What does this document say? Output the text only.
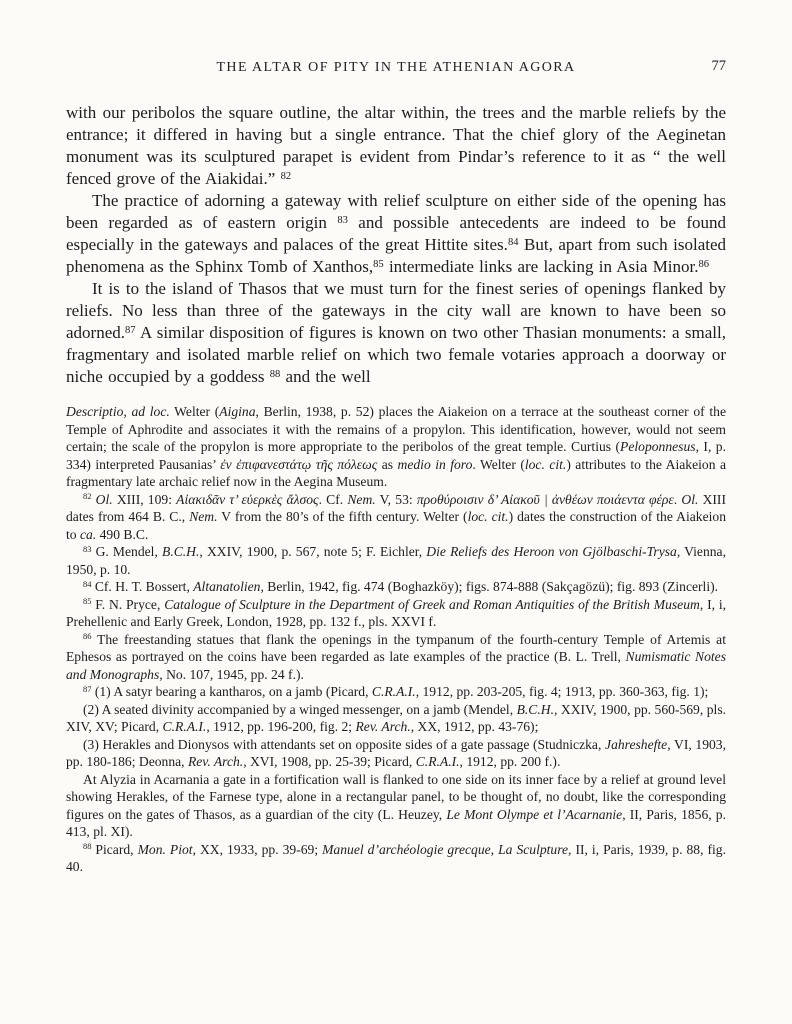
THE ALTAR OF PITY IN THE ATHENIAN AGORA	77

with our peribolos the square outline, the altar within, the trees and the marble reliefs by the entrance; it differed in having but a single entrance. That the chief glory of the Aeginetan monument was its sculptured parapet is evident from Pindar’s reference to it as “ the well fenced grove of the Aiakidai.” $^{82}$

The practice of adorning a gateway with relief sculpture on either side of the opening has been regarded as of eastern origin $^{83}$ and possible antecedents are indeed to be found especially in the gateways and palaces of the great Hittite sites.$^{84}$ But, apart from such isolated phenomena as the Sphinx Tomb of Xanthos,$^{85}$ intermediate links are lacking in Asia Minor.$^{86}$

It is to the island of Thasos that we must turn for the finest series of openings flanked by reliefs. No less than three of the gateways in the city wall are known to have been so adorned.$^{87}$ A similar disposition of figures is known on two other Thasian monuments: a small, fragmentary and isolated marble relief on which two female votaries approach a doorway or niche occupied by a goddess $^{88}$ and the well

Descriptio, ad loc. Welter (Aigina, Berlin, 1938, p. 52) places the Aiakeion on a terrace at the southeast corner of the Temple of Aphrodite and associates it with the remains of a propylon. This identification, however, would not seem certain; the scale of the propylon is more appropriate to the peribolos of the great temple. Curtius (Peloponnesus, I, p. 334) interpreted Pausanias’ ἐν ἐπιφανεστάτῳ τῆς πόλεως as medio in foro. Welter (loc. cit.) attributes to the Aiakeion a fragmentary late archaic relief now in the Aegina Museum.

$^{82}$ Ol. XIII, 109: Αἰακιδᾶν τ’ εὐερκὲς ἄλσος. Cf. Nem. V, 53: προθύροισιν δ’ Αἰακοῦ | ἀνθέων ποιάεντα φέρε. Ol. XIII dates from 464 B. C., Nem. V from the 80’s of the fifth century. Welter (loc. cit.) dates the construction of the Aiakeion to ca. 490 B.C.

$^{83}$ G. Mendel, B.C.H., XXIV, 1900, p. 567, note 5; F. Eichler, Die Reliefs des Heroon von Gjölbaschi-Trysa, Vienna, 1950, p. 10.

$^{84}$ Cf. H. T. Bossert, Altanatolien, Berlin, 1942, fig. 474 (Boghazköy); figs. 874-888 (Sakçagözü); fig. 893 (Zincerli).

$^{85}$ F. N. Pryce, Catalogue of Sculpture in the Department of Greek and Roman Antiquities of the British Museum, I, i, Prehellenic and Early Greek, London, 1928, pp. 132 f., pls. XXVI f.

$^{86}$ The freestanding statues that flank the openings in the tympanum of the fourth-century Temple of Artemis at Ephesos as portrayed on the coins have been regarded as late examples of the practice (B. L. Trell, Numismatic Notes and Monographs, No. 107, 1945, pp. 24 f.).

$^{87}$ (1) A satyr bearing a kantharos, on a jamb (Picard, C.R.A.I., 1912, pp. 203-205, fig. 4; 1913, pp. 360-363, fig. 1);

(2) A seated divinity accompanied by a winged messenger, on a jamb (Mendel, B.C.H., XXIV, 1900, pp. 560-569, pls. XIV, XV; Picard, C.R.A.I., 1912, pp. 196-200, fig. 2; Rev. Arch., XX, 1912, pp. 43-76);

(3) Herakles and Dionysos with attendants set on opposite sides of a gate passage (Studniczka, Jahreshefte, VI, 1903, pp. 180-186; Deonna, Rev. Arch., XVI, 1908, pp. 25-39; Picard, C.R.A.I., 1912, pp. 200 f.).

At Alyzia in Acarnania a gate in a fortification wall is flanked to one side on its inner face by a relief at ground level showing Herakles, of the Farnese type, alone in a rectangular panel, to be thought of, no doubt, like the corresponding figures on the gates of Thasos, as a guardian of the city (L. Heuzey, Le Mont Olympe et l’Acarnanie, II, Paris, 1856, p. 413, pl. XI).

$^{88}$ Picard, Mon. Piot, XX, 1933, pp. 39-69; Manuel d’archéologie grecque, La Sculpture, II, i, Paris, 1939, p. 88, fig. 40.
